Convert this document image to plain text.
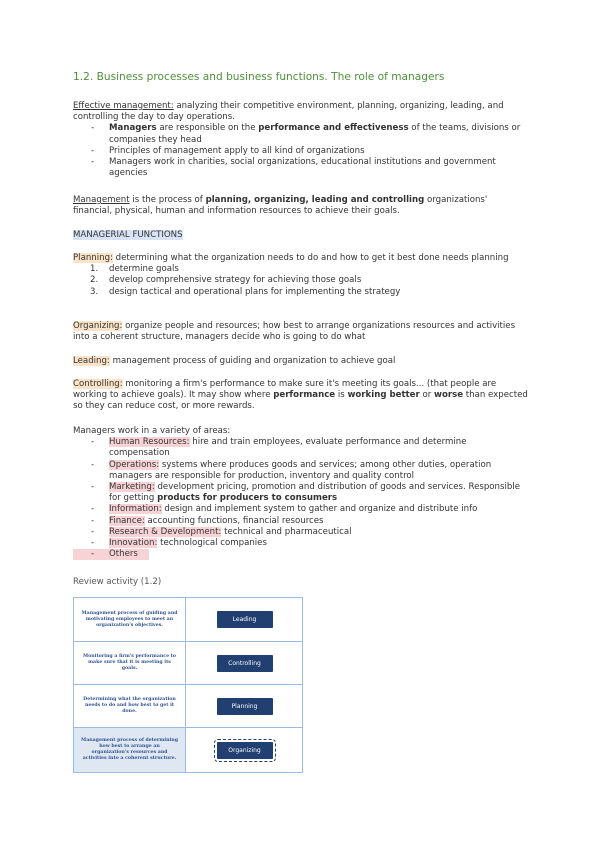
1.2. Business processes and business functions. The role of managers

Effective management: analyzing their competitive environment, planning, organizing, leading, and controlling the day to day operations.

- Managers are responsible on the performance and effectiveness of the teams, divisions or companies they head
- Principles of management apply to all kind of organizations
- Managers work in charities, social organizations, educational institutions and government agencies

Management is the process of planning, organizing, leading and controlling organizations' financial, physical, human and information resources to achieve their goals.

MANAGERIAL FUNCTIONS

Planning: determining what the organization needs to do and how to get it best done needs planning

1. determine goals
2. develop comprehensive strategy for achieving those goals
3. design tactical and operational plans for implementing the strategy

Organizing: organize people and resources; how best to arrange organizations resources and activities into a coherent structure, managers decide who is going to do what

Leading: management process of guiding and organization to achieve goal

Controlling: monitoring a firm's performance to make sure it's meeting its goals... (that people are working to achieve goals). It may show where performance is working better or worse than expected so they can reduce cost, or more rewards.

Managers work in a variety of areas:

- Human Resources: hire and train employees, evaluate performance and determine compensation
- Operations: systems where produces goods and services; among other duties, operation managers are responsible for production, inventory and quality control
- Marketing: development pricing, promotion and distribution of goods and services. Responsible for getting products for producers to consumers
- Information: design and implement system to gather and organize and distribute info
- Finance: accounting functions, financial resources
- Research & Development: technical and pharmaceutical
- Innovation: technological companies
- Others
Review activity (1.2)
Management process of guiding and motivating employees to meet an organization's objectives.
Leading
Monitoring a firm's performance to make sure that it is meeting its goals.
Controlling
Determining what the organization needs to do and how best to get it done.
Planning
Management process of determining how best to arrange an organization's resources and activities into a coherent structure.
Organizing
